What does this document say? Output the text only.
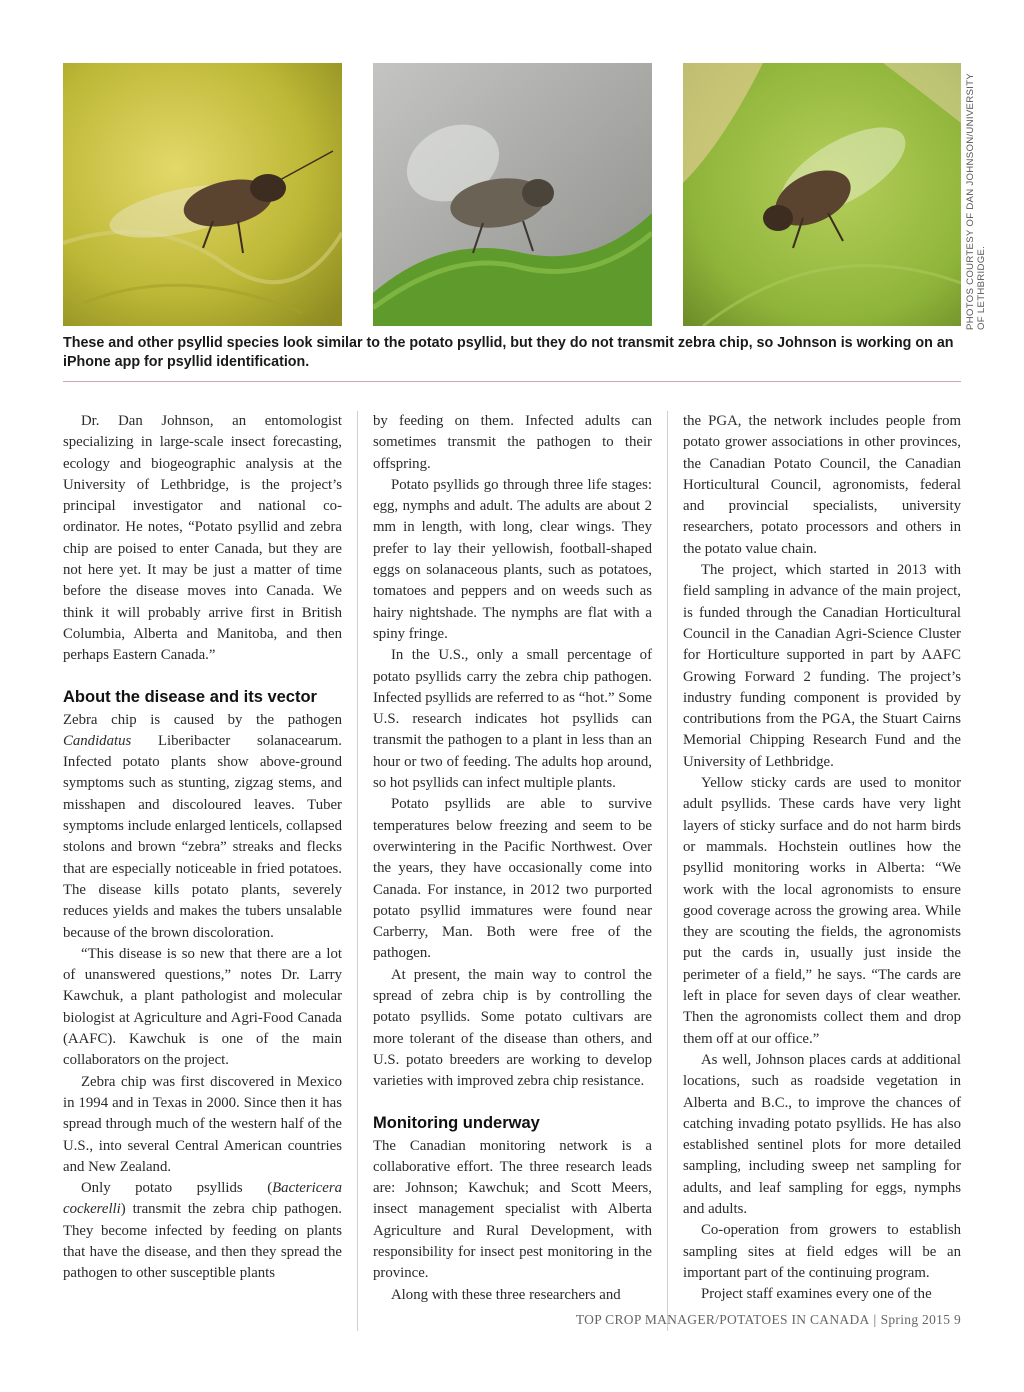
PHOTOS COURTESY OF DAN JOHNSON/UNIVERSITY OF LETHBRIDGE.
These and other psyllid species look similar to the potato psyllid, but they do not transmit zebra chip, so Johnson is working on an iPhone app for psyllid identification.

Dr. Dan Johnson, an entomologist specializing in large-scale insect forecasting, ecology and biogeographic analysis at the University of Lethbridge, is the project’s principal investigator and national co-ordinator. He notes, “Potato psyllid and zebra chip are poised to enter Canada, but they are not here yet. It may be just a matter of time before the disease moves into Canada. We think it will probably arrive first in British Columbia, Alberta and Manitoba, and then perhaps Eastern Canada.”

About the disease and its vector

Zebra chip is caused by the pathogen Candidatus Liberibacter solanacearum. Infected potato plants show above-ground symptoms such as stunting, zigzag stems, and misshapen and discoloured leaves. Tuber symptoms include enlarged lenticels, collapsed stolons and brown “zebra” streaks and flecks that are especially noticeable in fried potatoes. The disease kills potato plants, severely reduces yields and makes the tubers unsalable because of the brown discoloration.

“This disease is so new that there are a lot of unanswered questions,” notes Dr. Larry Kawchuk, a plant pathologist and molecular biologist at Agriculture and Agri-Food Canada (AAFC). Kawchuk is one of the main collaborators on the project.

Zebra chip was first discovered in Mexico in 1994 and in Texas in 2000. Since then it has spread through much of the western half of the U.S., into several Central American countries and New Zealand.

Only potato psyllids (Bactericera cockerelli) transmit the zebra chip pathogen. They become infected by feeding on plants that have the disease, and then they spread the pathogen to other susceptible plants

by feeding on them. Infected adults can sometimes transmit the pathogen to their offspring.

Potato psyllids go through three life stages: egg, nymphs and adult. The adults are about 2 mm in length, with long, clear wings. They prefer to lay their yellowish, football-shaped eggs on solanaceous plants, such as potatoes, tomatoes and peppers and on weeds such as hairy nightshade. The nymphs are flat with a spiny fringe.

In the U.S., only a small percentage of potato psyllids carry the zebra chip pathogen. Infected psyllids are referred to as “hot.” Some U.S. research indicates hot psyllids can transmit the pathogen to a plant in less than an hour or two of feeding. The adults hop around, so hot psyllids can infect multiple plants.

Potato psyllids are able to survive temperatures below freezing and seem to be overwintering in the Pacific Northwest. Over the years, they have occasionally come into Canada. For instance, in 2012 two purported potato psyllid immatures were found near Carberry, Man. Both were free of the pathogen.

At present, the main way to control the spread of zebra chip is by controlling the potato psyllids. Some potato cultivars are more tolerant of the disease than others, and U.S. potato breeders are working to develop varieties with improved zebra chip resistance.

Monitoring underway

The Canadian monitoring network is a collaborative effort. The three research leads are: Johnson; Kawchuk; and Scott Meers, insect management specialist with Alberta Agriculture and Rural Development, with responsibility for insect pest monitoring in the province.

Along with these three researchers and

the PGA, the network includes people from potato grower associations in other provinces, the Canadian Potato Council, the Canadian Horticultural Council, agronomists, federal and provincial specialists, university researchers, potato processors and others in the potato value chain.

The project, which started in 2013 with field sampling in advance of the main project, is funded through the Canadian Horticultural Council in the Canadian Agri-Science Cluster for Horticulture supported in part by AAFC Growing Forward 2 funding. The project’s industry funding component is provided by contributions from the PGA, the Stuart Cairns Memorial Chipping Research Fund and the University of Lethbridge.

Yellow sticky cards are used to monitor adult psyllids. These cards have very light layers of sticky surface and do not harm birds or mammals. Hochstein outlines how the psyllid monitoring works in Alberta: “We work with the local agronomists to ensure good coverage across the growing area. While they are scouting the fields, the agronomists put the cards in, usually just inside the perimeter of a field,” he says. “The cards are left in place for seven days of clear weather. Then the agronomists collect them and drop them off at our office.”

As well, Johnson places cards at additional locations, such as roadside vegetation in Alberta and B.C., to improve the chances of catching invading potato psyllids. He has also established sentinel plots for more detailed sampling, including sweep net sampling for adults, and leaf sampling for eggs, nymphs and adults.

Co-operation from growers to establish sampling sites at field edges will be an important part of the continuing program.

Project staff examines every one of the

TOP CROP MANAGER/POTATOES IN CANADA | Spring 2015 9
